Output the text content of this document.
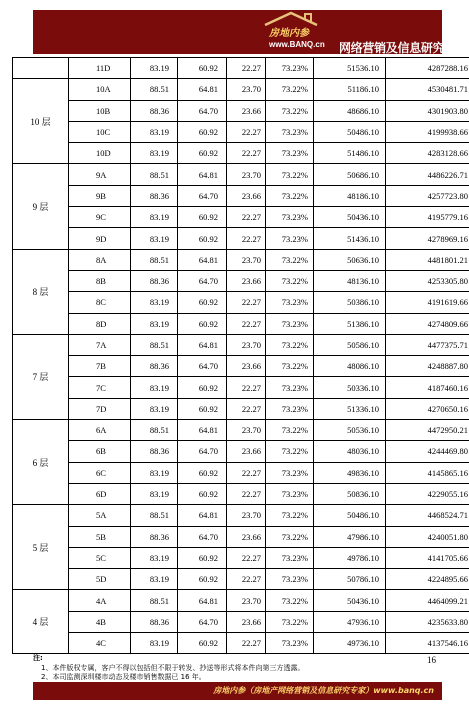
房地内参
www.BANQ.cn 网络营销及信息研究专家
	11D	83.19	60.92	22.27	73.23%	51536.10	4287288.16
10 层	10A	88.51	64.81	23.70	73.22%	51186.10	4530481.71
	10B	88.36	64.70	23.66	73.22%	48686.10	4301903.80
	10C	83.19	60.92	22.27	73.23%	50486.10	4199938.66
	10D	83.19	60.92	22.27	73.23%	51486.10	4283128.66
9 层	9A	88.51	64.81	23.70	73.22%	50686.10	4486226.71
	9B	88.36	64.70	23.66	73.22%	48186.10	4257723.80
	9C	83.19	60.92	22.27	73.23%	50436.10	4195779.16
	9D	83.19	60.92	22.27	73.23%	51436.10	4278969.16
8 层	8A	88.51	64.81	23.70	73.22%	50636.10	4481801.21
	8B	88.36	64.70	23.66	73.22%	48136.10	4253305.80
	8C	83.19	60.92	22.27	73.23%	50386.10	4191619.66
	8D	83.19	60.92	22.27	73.23%	51386.10	4274809.66
7 层	7A	88.51	64.81	23.70	73.22%	50586.10	4477375.71
	7B	88.36	64.70	23.66	73.22%	48086.10	4248887.80
	7C	83.19	60.92	22.27	73.23%	50336.10	4187460.16
	7D	83.19	60.92	22.27	73.23%	51336.10	4270650.16
6 层	6A	88.51	64.81	23.70	73.22%	50536.10	4472950.21
	6B	88.36	64.70	23.66	73.22%	48036.10	4244469.80
	6C	83.19	60.92	22.27	73.23%	49836.10	4145865.16
	6D	83.19	60.92	22.27	73.23%	50836.10	4229055.16
5 层	5A	88.51	64.81	23.70	73.22%	50486.10	4468524.71
	5B	88.36	64.70	23.66	73.22%	47986.10	4240051.80
	5C	83.19	60.92	22.27	73.23%	49786.10	4141705.66
	5D	83.19	60.92	22.27	73.23%	50786.10	4224895.66
4 层	4A	88.51	64.81	23.70	73.22%	50436.10	4464099.21
	4B	88.36	64.70	23.66	73.22%	47936.10	4235633.80
	4C	83.19	60.92	22.27	73.23%	49736.10	4137546.16
注:
1、本件版权专属，客户不得以包括但不限于转发、抄送等形式将本件向第三方透露。
2、本司监测深圳楼市动态及楼市销售数据已 16 年。
16
房地内参（房地产网络营销及信息研究专家）www.banq.cn
